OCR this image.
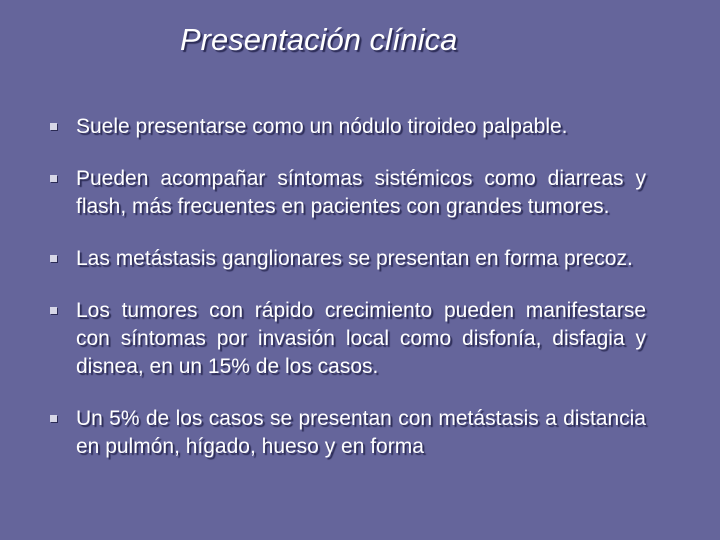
Presentación clínica
Suele presentarse como un nódulo tiroideo palpable.
Pueden acompañar síntomas sistémicos como diarreas y flash, más frecuentes en pacientes con grandes tumores.
Las metástasis ganglionares se presentan en forma precoz.
Los tumores con rápido crecimiento pueden manifestarse con síntomas por invasión local como disfonía, disfagia y disnea, en un 15% de los casos.
Un 5% de los casos se presentan con metástasis a distancia en pulmón, hígado, hueso y en forma
